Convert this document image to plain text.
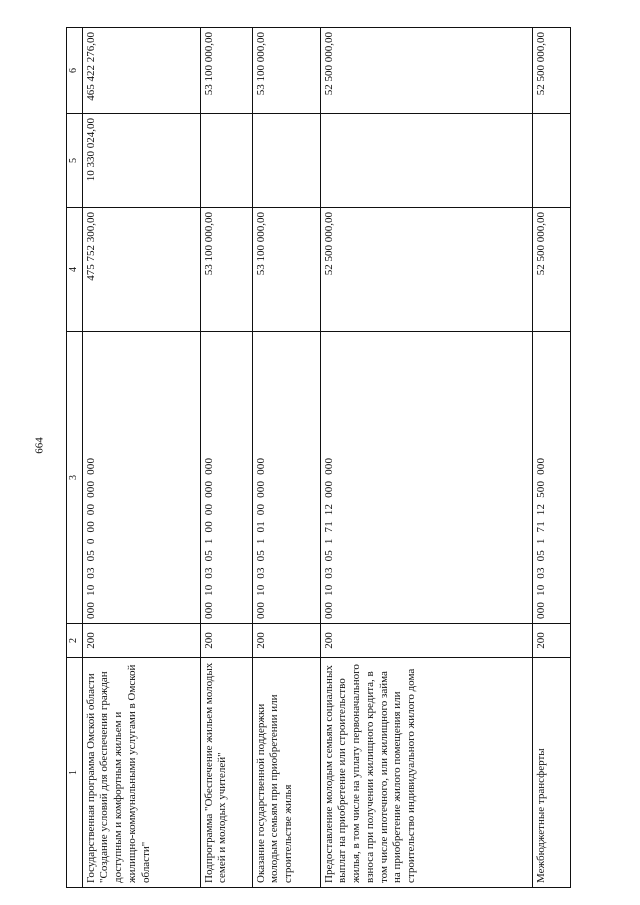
664
1	2	3	4	5	6
Государственная программа Омской области "Создание условий для обеспечения граждан доступным и комфортным жильем и жилищно-коммунальными услугами в Омской области"	200	000  10  03  05  0  00  00  000  000	475 752 300,00	10 330 024,00	465 422 276,00
Подпрограмма "Обеспечение жильем молодых семей и молодых учителей"	200	000  10  03  05  1  00  00  000  000	53 100 000,00		53 100 000,00
Оказание государственной поддержки молодым семьям при приобретении или строительстве жилья	200	000  10  03  05  1  01  00  000  000	53 100 000,00		53 100 000,00
Предоставление молодым семьям социальных выплат на приобретение или строительство жилья, в том числе на уплату первоначального взноса при получении жилищного кредита, в том числе ипотечного, или жилищного займа на приобретение жилого помещения или строительство индивидуального жилого дома	200	000  10  03  05  1  71  12  000  000	52 500 000,00		52 500 000,00
Межбюджетные трансферты	200	000  10  03  05  1  71  12  500  000	52 500 000,00		52 500 000,00
